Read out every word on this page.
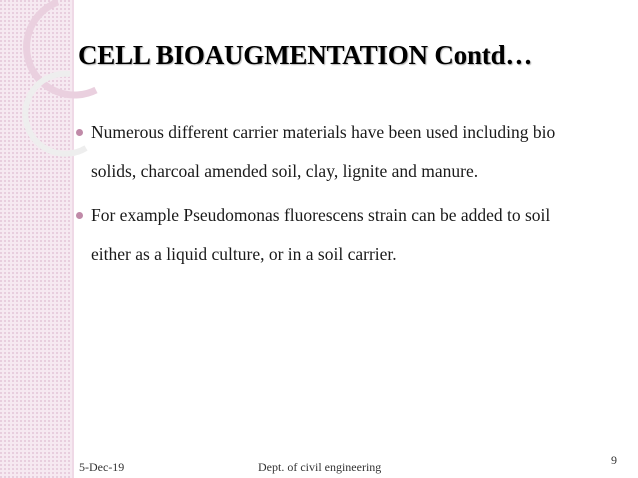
CELL BIOAUGMENTATION Contd…
Numerous different carrier materials have been used including bio solids, charcoal amended soil, clay, lignite and manure.
For example Pseudomonas fluorescens strain can be added to soil either as a liquid culture, or in a soil carrier.
5-Dec-19	Dept. of civil engineering	9
